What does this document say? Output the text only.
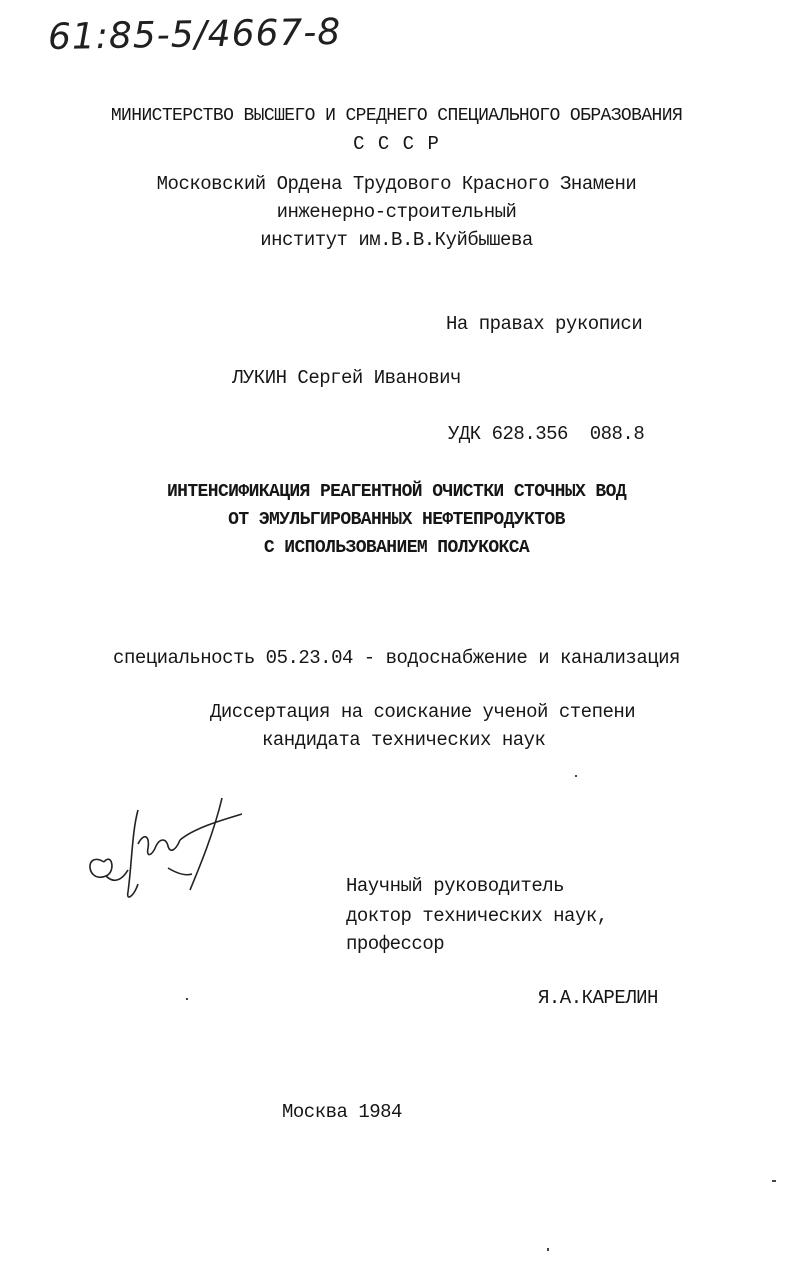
61:85-5/4667-8
МИНИСТЕРСТВО ВЫСШЕГО И СРЕДНЕГО СПЕЦИАЛЬНОГО ОБРАЗОВАНИЯ
С С С Р
Московский Ордена Трудового Красного Знамени
инженерно-строительный
институт им.В.В.Куйбышева
На правах рукописи
ЛУКИН Сергей Иванович
УДК 628.356  088.8
ИНТЕНСИФИКАЦИЯ РЕАГЕНТНОЙ ОЧИСТКИ СТОЧНЫХ ВОД
ОТ ЭМУЛЬГИРОВАННЫХ НЕФТЕПРОДУКТОВ
С ИСПОЛЬЗОВАНИЕМ ПОЛУКОКСА
специальность 05.23.04 - водоснабжение и канализация
Диссертация на соискание ученой степени
кандидата технических наук
Научный руководитель
доктор технических наук,
профессор
Я.А.КАРЕЛИН
Москва 1984
